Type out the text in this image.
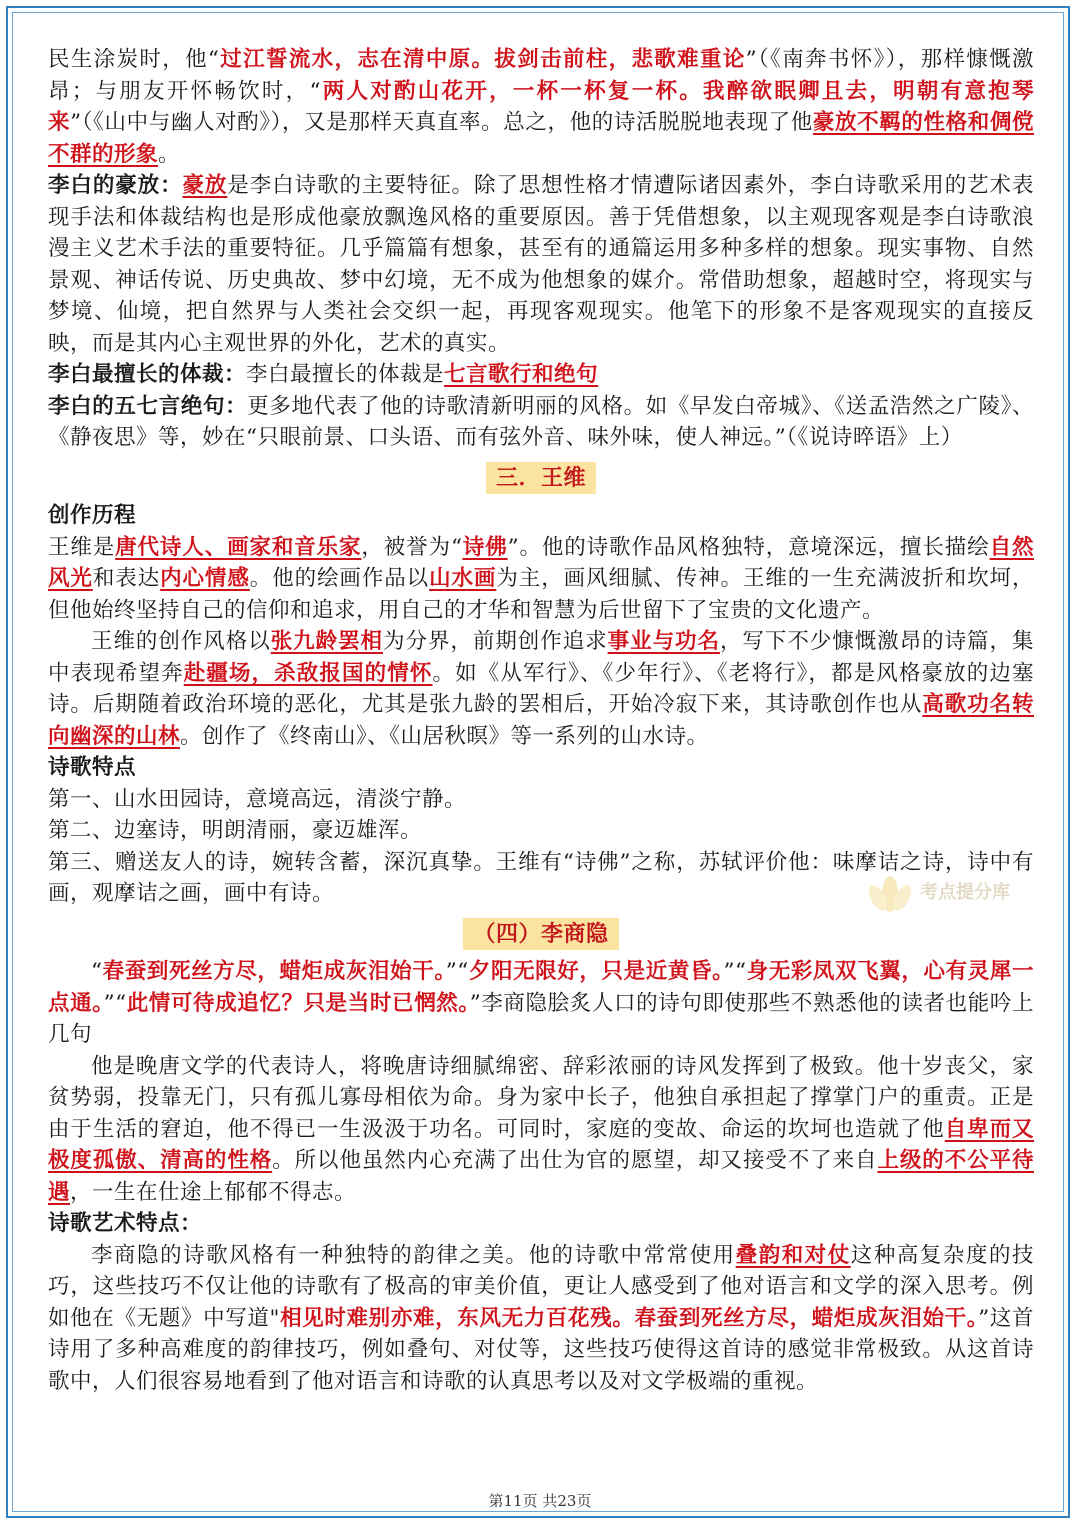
民生涂炭时，他“过江誓流水，志在清中原。拔剑击前柱，悲歌难重论”（《南奔书怀》），那样慷慨激昂；与朋友开怀畅饮时，“两人对酌山花开，一杯一杯复一杯。我醉欲眠卿且去，明朝有意抱琴来”（《山中与幽人对酌》），又是那样天真直率。总之，他的诗活脱脱地表现了他豪放不羁的性格和倜傥不群的形象。

李白的豪放：豪放是李白诗歌的主要特征。除了思想性格才情遭际诸因素外，李白诗歌采用的艺术表现手法和体裁结构也是形成他豪放飘逸风格的重要原因。善于凭借想象，以主观现客观是李白诗歌浪漫主义艺术手法的重要特征。几乎篇篇有想象，甚至有的通篇运用多种多样的想象。现实事物、自然景观、神话传说、历史典故、梦中幻境，无不成为他想象的媒介。常借助想象，超越时空，将现实与梦境、仙境，把自然界与人类社会交织一起，再现客观现实。他笔下的形象不是客观现实的直接反映，而是其内心主观世界的外化，艺术的真实。

李白最擅长的体裁：李白最擅长的体裁是七言歌行和绝句

李白的五七言绝句：更多地代表了他的诗歌清新明丽的风格。如《早发白帝城》、《送孟浩然之广陵》、《静夜思》等，妙在“只眼前景、口头语、而有弦外音、味外味，使人神远。”（《说诗晬语》上）

三．王维

创作历程

王维是唐代诗人、画家和音乐家，被誉为“诗佛”。他的诗歌作品风格独特，意境深远，擅长描绘自然风光和表达内心情感。他的绘画作品以山水画为主，画风细腻、传神。王维的一生充满波折和坎坷，但他始终坚持自己的信仰和追求，用自己的才华和智慧为后世留下了宝贵的文化遗产。

王维的创作风格以张九龄罢相为分界，前期创作追求事业与功名，写下不少慷慨激昂的诗篇，集中表现希望奔赴疆场，杀敌报国的情怀。如《从军行》、《少年行》、《老将行》，都是风格豪放的边塞诗。后期随着政治环境的恶化，尤其是张九龄的罢相后，开始冷寂下来，其诗歌创作也从高歌功名转向幽深的山林。创作了《终南山》、《山居秋暝》等一系列的山水诗。

诗歌特点

第一、山水田园诗，意境高远，清淡宁静。

第二、边塞诗，明朗清丽，豪迈雄浑。

第三、赠送友人的诗，婉转含蓄，深沉真挚。王维有“诗佛”之称，苏轼评价他：味摩诘之诗，诗中有画，观摩诘之画，画中有诗。

（四）李商隐

“春蚕到死丝方尽，蜡炬成灰泪始干。”“夕阳无限好，只是近黄昏。”“身无彩凤双飞翼，心有灵犀一点通。”“此情可待成追忆？只是当时已惘然。”李商隐脍炙人口的诗句即使那些不熟悉他的读者也能吟上几句

他是晚唐文学的代表诗人，将晚唐诗细腻绵密、辞彩浓丽的诗风发挥到了极致。他十岁丧父，家贫势弱，投靠无门，只有孤儿寡母相依为命。身为家中长子，他独自承担起了撑掌门户的重责。正是由于生活的窘迫，他不得已一生汲汲于功名。可同时，家庭的变故、命运的坎坷也造就了他自卑而又极度孤傲、清高的性格。所以他虽然内心充满了出仕为官的愿望，却又接受不了来自上级的不公平待遇，一生在仕途上郁郁不得志。

诗歌艺术特点：

李商隐的诗歌风格有一种独特的韵律之美。他的诗歌中常常使用叠韵和对仗这种高复杂度的技巧，这些技巧不仅让他的诗歌有了极高的审美价值，更让人感受到了他对语言和文学的深入思考。例如他在《无题》中写道"相见时难别亦难，东风无力百花残。春蚕到死丝方尽，蜡炬成灰泪始干。”这首诗用了多种高难度的韵律技巧，例如叠句、对仗等，这些技巧使得这首诗的感觉非常极致。从这首诗歌中，人们很容易地看到了他对语言和诗歌的认真思考以及对文学极端的重视。

考点提分库
第11页 共23页
